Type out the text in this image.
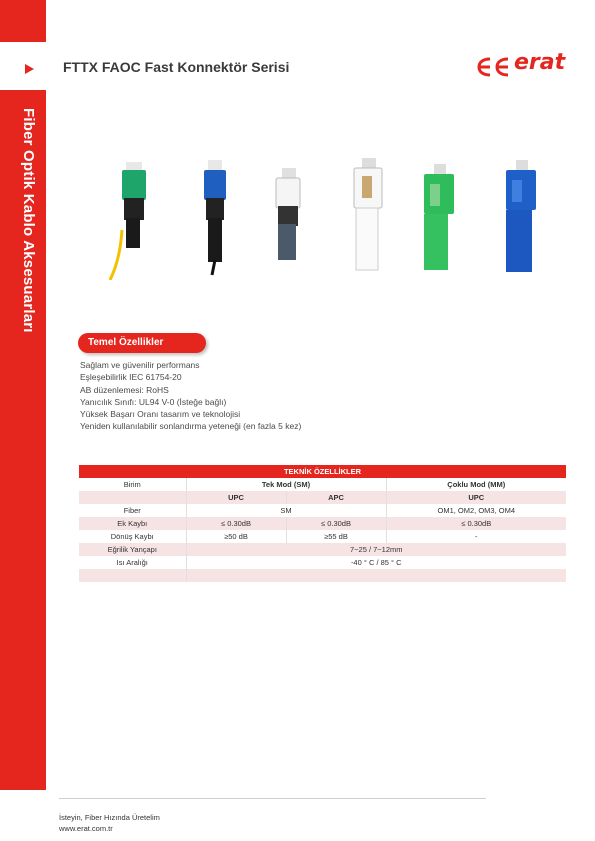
Fiber Optik Kablo Aksesuarları
FTTX FAOC Fast Konnektör Serisi	erat
Temel Özellikler
Sağlam ve güvenilir performans
Eşleşebilirlik IEC 61754-20
AB düzenlemesi: RoHS
Yanıcılık Sınıfı: UL94 V-0 (İsteğe bağlı)
Yüksek Başarı Oranı tasarım ve teknolojisi
Yeniden kullanılabilir sonlandırma yeteneği (en fazla 5 kez)
TEKNİK ÖZELLİKLER			
Birim	Tek Mod (SM)		Çoklu Mod (MM)
	UPC	APC	UPC
Fiber	SM		OM1, OM2, OM3, OM4
Ek Kaybı	≤ 0.30dB	≤ 0.30dB	≤ 0.30dB
Dönüş Kaybı	≥50 dB	≥55 dB	-
Eğrilik Yançapı	7~25 / 7~12mm		
Isı Aralığı	-40 ° C / 85 ° C		

İsteyin, Fiber Hızında Üretelim
www.erat.com.tr
